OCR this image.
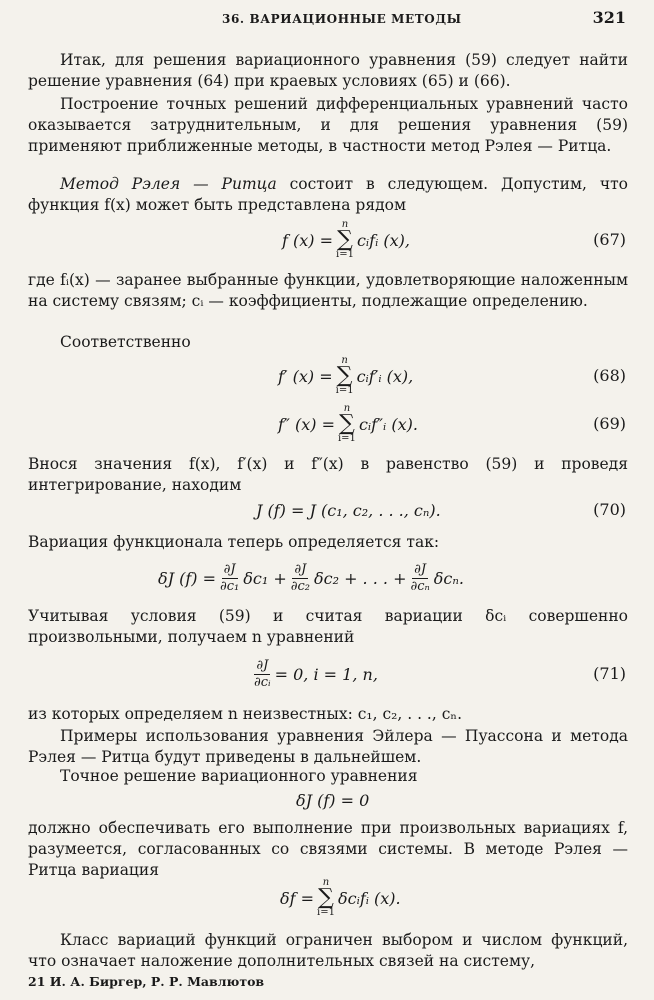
36. ВАРИАЦИОННЫЕ МЕТОДЫ	321
Итак, для решения вариационного уравнения (59) следует найти решение уравнения (64) при краевых условиях (65) и (66).
Построение точных решений дифференциальных уравнений часто оказывается затруднительным, и для решения уравнения (59) применяют приближенные методы, в частности метод Рэлея — Ритца.
Метод Рэлея — Ритца состоит в следующем. Допустим, что функция f(x) может быть представлена рядом
f (x) =
n
∑
i=1
cᵢfᵢ (x),	(67)
где fᵢ(x) — заранее выбранные функции, удовлетворяющие наложенным на систему связям; cᵢ — коэффициенты, подлежащие определению.
Соответственно
f′ (x) =
n
∑
i=1
cᵢf′ᵢ (x),	(68)
f″ (x) =
n
∑
i=1
cᵢf″ᵢ (x).	(69)
Внося значения f(x), f′(x) и f″(x) в равенство (59) и проведя интегрирование, находим
J (f) = J (c₁, c₂, . . ., cₙ).	(70)
Вариация функционала теперь определяется так:
δJ $(f) = \frac{\partial J}{\text{∂c₁}} \delta c_1 + \frac{\partial J}{\text{∂c₂}} \delta c_2$ + . . . + $\frac{\partial J}{\text{∂cₙ}} \delta c_n$.
Учитывая условия (59) и считая вариации δcᵢ совершенно произвольными, получаем n уравнений
$\frac{\partial J}{\text{∂cᵢ}} = 0$, i = 1, n,	(71)
из которых определяем n неизвестных: c₁, c₂, . . ., cₙ.
Примеры использования уравнения Эйлера — Пуассона и метода Рэлея — Ритца будут приведены в дальнейшем.
Точное решение вариационного уравнения
δJ (f) = 0
должно обеспечивать его выполнение при произвольных вариациях f, разумеется, согласованных со связями системы. В методе Рэлея — Ритца вариация
δf =
n
∑
i=1
δcᵢfᵢ (x).
Класс вариаций функций ограничен выбором и числом функций, что означает наложение дополнительных связей на систему,
21 И. А. Биргер, Р. Р. Мавлютов
